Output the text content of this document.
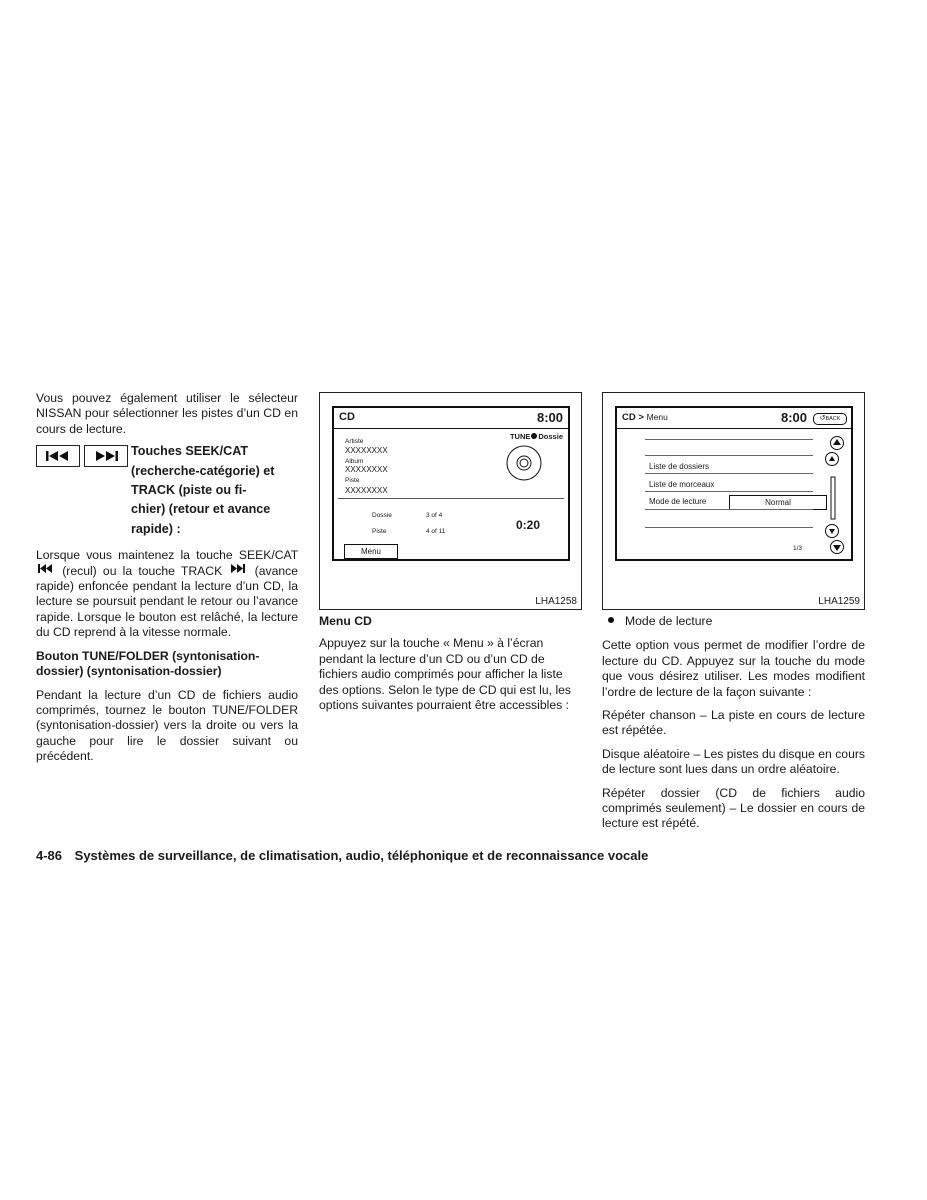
Vous pouvez également utiliser le sélecteur NISSAN pour sélectionner les pistes d’un CD en cours de lecture.

Touches SEEK/CAT
(recherche-catégorie) et
TRACK (piste ou fi-
chier) (retour et avance
rapide) :

Lorsque vous maintenez la touche SEEK/CAT  (recul) ou la touche TRACK	(avance rapide) enfoncée pendant la lecture d’un CD, la lecture se poursuit pendant le retour ou l’avance rapide. Lorsque le bouton est relâché, la lecture du CD reprend à la vitesse normale.

Bouton TUNE/FOLDER (syntonisation-dossier) (syntonisation-dossier)

Pendant la lecture d’un CD de fichiers audio comprimés, tournez le bouton TUNE/FOLDER (syntonisation-dossier) vers la droite ou vers la gauche pour lire le dossier suivant ou précédent.

CD	8:00
TUNE Dossie
Artiste
XXXXXXXX
Album
XXXXXXXX
Piste
XXXXXXXX
Dossie	3 of 4
Piste	4 of 11	0:20
Menu
LHA1258

Menu CD

Appuyez sur la touche « Menu » à l’écran pendant la lecture d’un CD ou d’un CD de fichiers audio comprimés pour afficher la liste des options. Selon le type de CD qui est lu, les options suivantes pourraient être accessibles :

CD > Menu	8:00	↺BACK
Liste de dossiers
Liste de morceaux
Mode de lecture	Normal
1/3
LHA1259

Mode de lecture

Cette option vous permet de modifier l’ordre de lecture du CD. Appuyez sur la touche du mode que vous désirez utiliser. Les modes modifient l’ordre de lecture de la façon suivante :

Répéter chanson – La piste en cours de lecture est répétée.

Disque aléatoire – Les pistes du disque en cours de lecture sont lues dans un ordre aléatoire.

Répéter dossier (CD de fichiers audio comprimés seulement) – Le dossier en cours de lecture est répété.

4-86 Systèmes de surveillance, de climatisation, audio, téléphonique et de reconnaissance vocale
